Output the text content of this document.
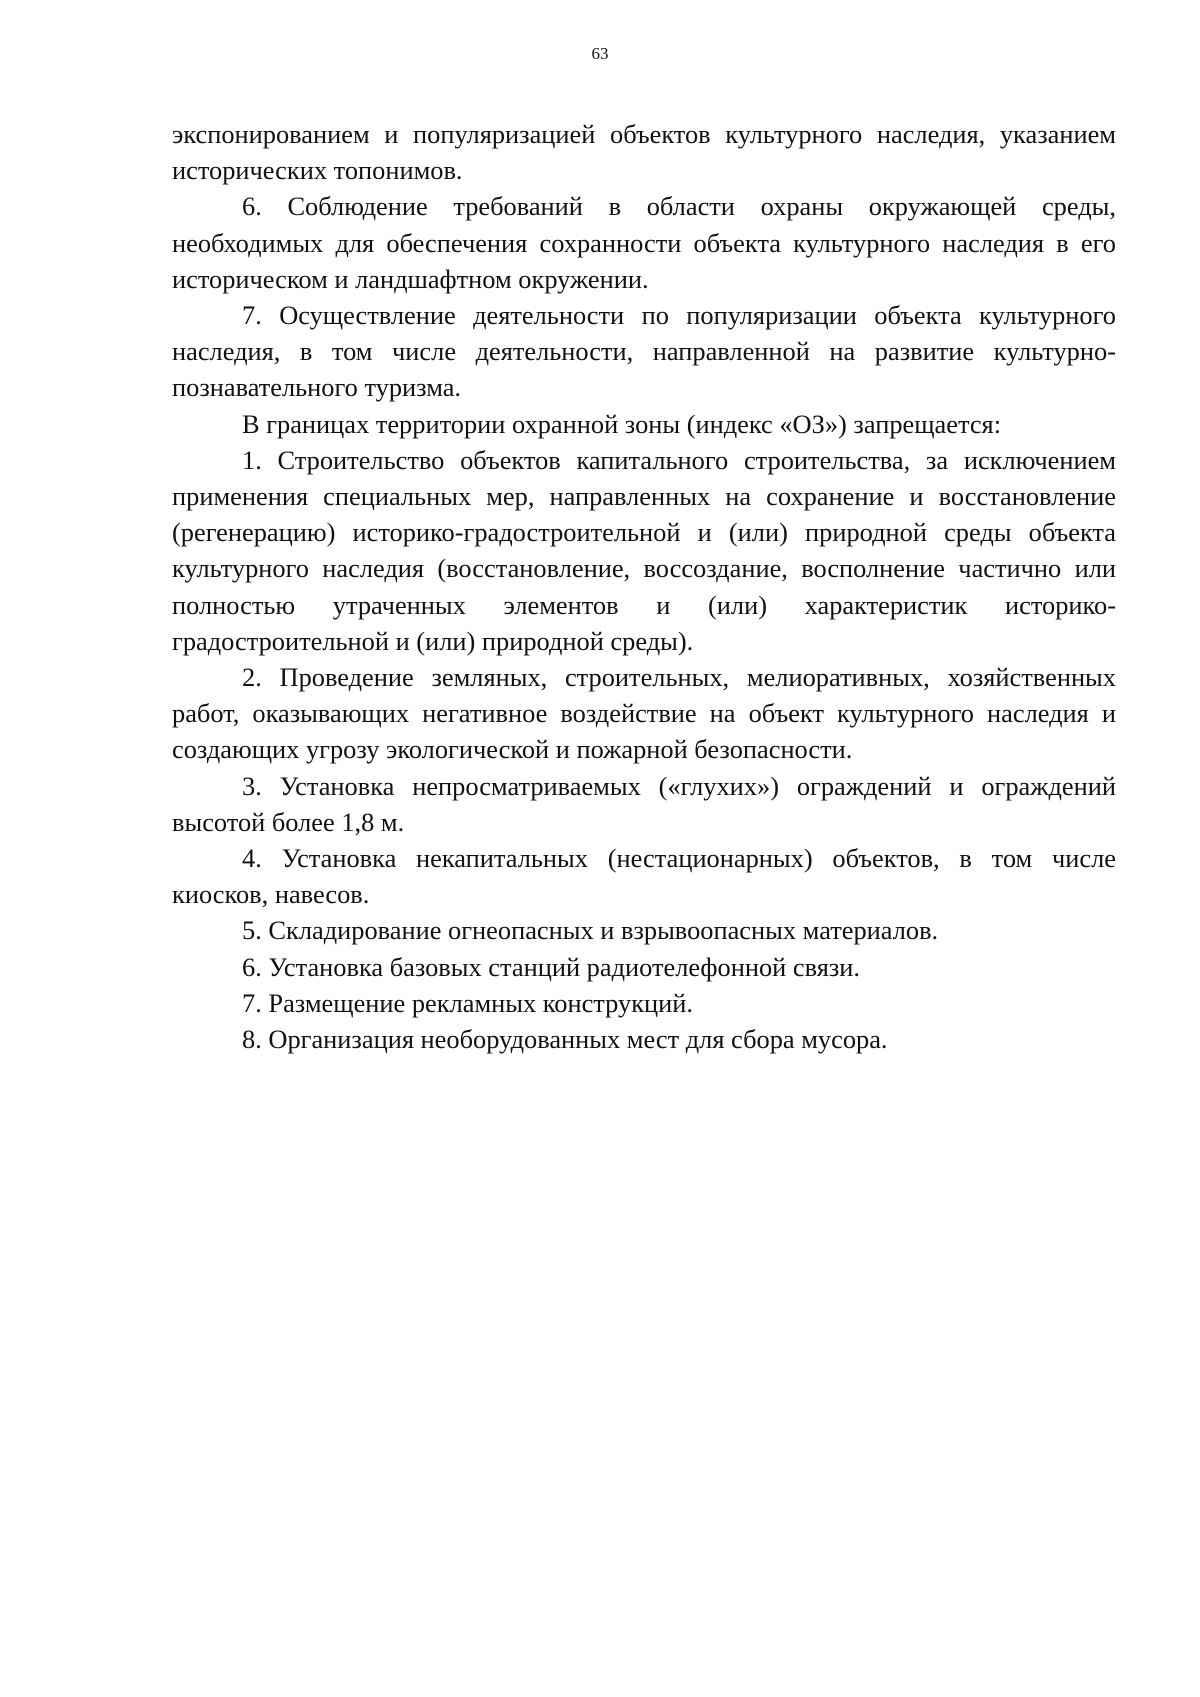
63

экспонированием и популяризацией объектов культурного наследия, указанием исторических топонимов.

6. Соблюдение требований в области охраны окружающей среды, необходимых для обеспечения сохранности объекта культурного наследия в его историческом и ландшафтном окружении.

7. Осуществление деятельности по популяризации объекта культурного наследия, в том числе деятельности, направленной на развитие культурно-познавательного туризма.

В границах территории охранной зоны (индекс «ОЗ») запрещается:

1. Строительство объектов капитального строительства, за исключением применения специальных мер, направленных на сохранение и восстановление (регенерацию) историко-градостроительной и (или) природной среды объекта культурного наследия (восстановление, воссоздание, восполнение частично или полностью утраченных элементов и (или) характеристик историко-градостроительной и (или) природной среды).

2. Проведение земляных, строительных, мелиоративных, хозяйственных работ, оказывающих негативное воздействие на объект культурного наследия и создающих угрозу экологической и пожарной безопасности.

3. Установка непросматриваемых («глухих») ограждений и ограждений высотой более 1,8 м.

4. Установка некапитальных (нестационарных) объектов, в том числе киосков, навесов.

5. Складирование огнеопасных и взрывоопасных материалов.

6. Установка базовых станций радиотелефонной связи.

7. Размещение рекламных конструкций.

8. Организация необорудованных мест для сбора мусора.
